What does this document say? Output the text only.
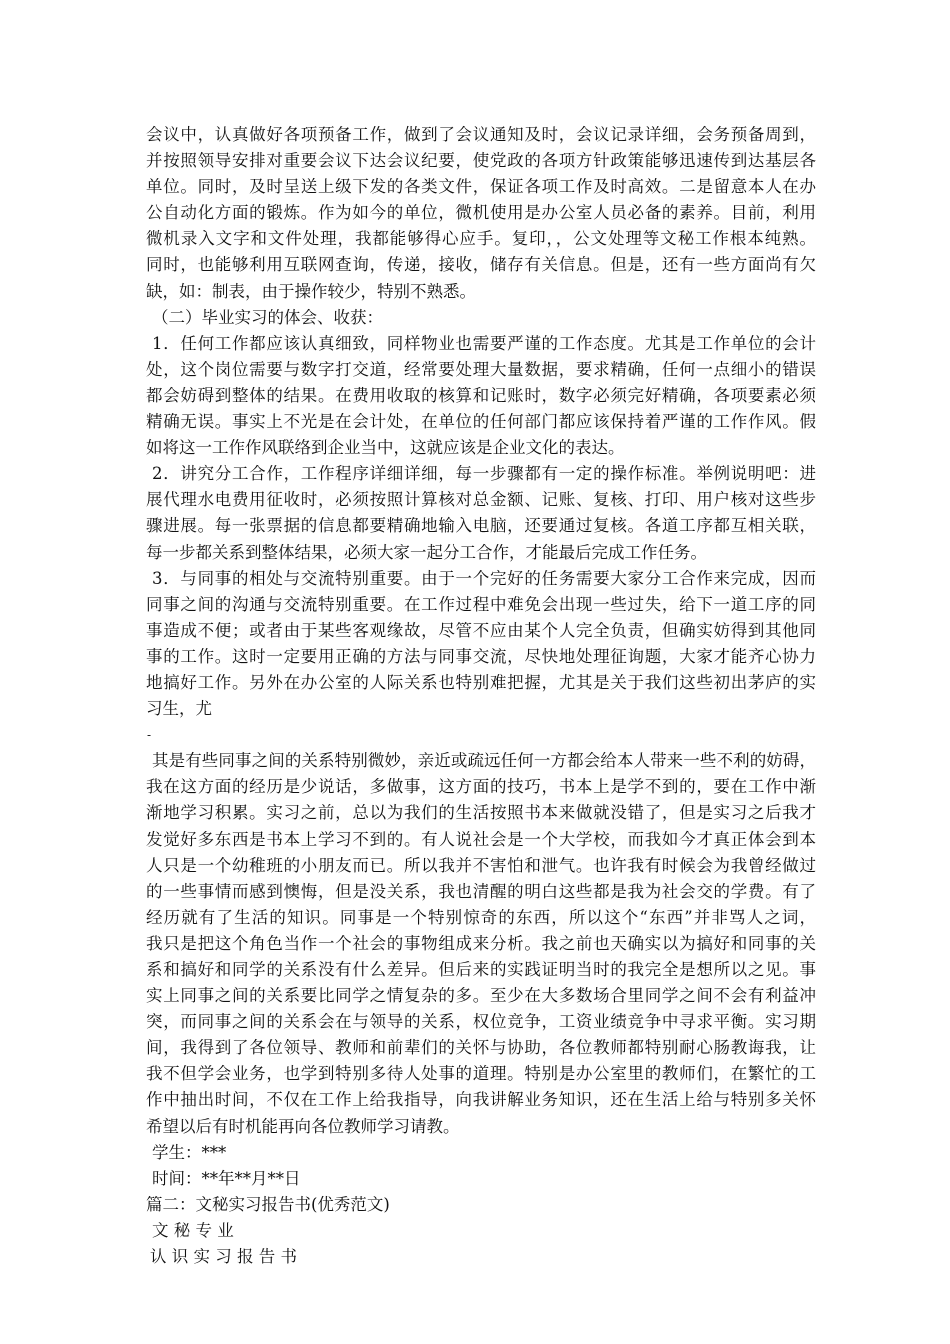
会议中，认真做好各项预备工作，做到了会议通知及时，会议记录详细，会务预备周到，
并按照领导安排对重要会议下达会议纪要，使党政的各项方针政策能够迅速传到达基层各
单位。同时，及时呈送上级下发的各类文件，保证各项工作及时高效。二是留意本人在办
公自动化方面的锻炼。作为如今的单位，微机使用是办公室人员必备的素养。目前，利用
微机录入文字和文件处理，我都能够得心应手。复印，，公文处理等文秘工作根本纯熟。
同时，也能够利用互联网查询，传递，接收，储存有关信息。但是，还有一些方面尚有欠
缺，如：制表，由于操作较少，特别不熟悉。
（二）毕业实习的体会、收获：
1．任何工作都应该认真细致，同样物业也需要严谨的工作态度。尤其是工作单位的会计
处，这个岗位需要与数字打交道，经常要处理大量数据，要求精确，任何一点细小的错误
都会妨碍到整体的结果。在费用收取的核算和记账时，数字必须完好精确，各项要素必须
精确无误。事实上不光是在会计处，在单位的任何部门都应该保持着严谨的工作作风。假
如将这一工作作风联络到企业当中，这就应该是企业文化的表达。
2．讲究分工合作，工作程序详细详细，每一步骤都有一定的操作标准。举例说明吧：进
展代理水电费用征收时，必须按照计算核对总金额、记账、复核、打印、用户核对这些步
骤进展。每一张票据的信息都要精确地输入电脑，还要通过复核。各道工序都互相关联，
每一步都关系到整体结果，必须大家一起分工合作，才能最后完成工作任务。
3．与同事的相处与交流特别重要。由于一个完好的任务需要大家分工合作来完成，因而
同事之间的沟通与交流特别重要。在工作过程中难免会出现一些过失，给下一道工序的同
事造成不便；或者由于某些客观缘故，尽管不应由某个人完全负责，但确实妨得到其他同
事的工作。这时一定要用正确的方法与同事交流，尽快地处理征询题，大家才能齐心协力
地搞好工作。另外在办公室的人际关系也特别难把握，尤其是关于我们这些初出茅庐的实
习生，尤
-
其是有些同事之间的关系特别微妙，亲近或疏远任何一方都会给本人带来一些不利的妨碍，
我在这方面的经历是少说话，多做事，这方面的技巧，书本上是学不到的，要在工作中渐
渐地学习积累。实习之前，总以为我们的生活按照书本来做就没错了，但是实习之后我才
发觉好多东西是书本上学习不到的。有人说社会是一个大学校，而我如今才真正体会到本
人只是一个幼稚班的小朋友而已。所以我并不害怕和泄气。也许我有时候会为我曾经做过
的一些事情而感到懊悔，但是没关系，我也清醒的明白这些都是我为社会交的学费。有了
经历就有了生活的知识。同事是一个特别惊奇的东西，所以这个“东西”并非骂人之词，
我只是把这个角色当作一个社会的事物组成来分析。我之前也天确实以为搞好和同事的关
系和搞好和同学的关系没有什么差异。但后来的实践证明当时的我完全是想所以之见。事
实上同事之间的关系要比同学之情复杂的多。至少在大多数场合里同学之间不会有利益冲
突，而同事之间的关系会在与领导的关系，权位竞争，工资业绩竞争中寻求平衡。实习期
间，我得到了各位领导、教师和前辈们的关怀与协助，各位教师都特别耐心肠教诲我，让
我不但学会业务，也学到特别多待人处事的道理。特别是办公室里的教师们，在繁忙的工
作中抽出时间，不仅在工作上给我指导，向我讲解业务知识，还在生活上给与特别多关怀
希望以后有时机能再向各位教师学习请教。
学生：***
时间：**年**月**日
篇二：文秘实习报告书(优秀范文)
文 秘 专 业
认 识 实 习 报 告 书
